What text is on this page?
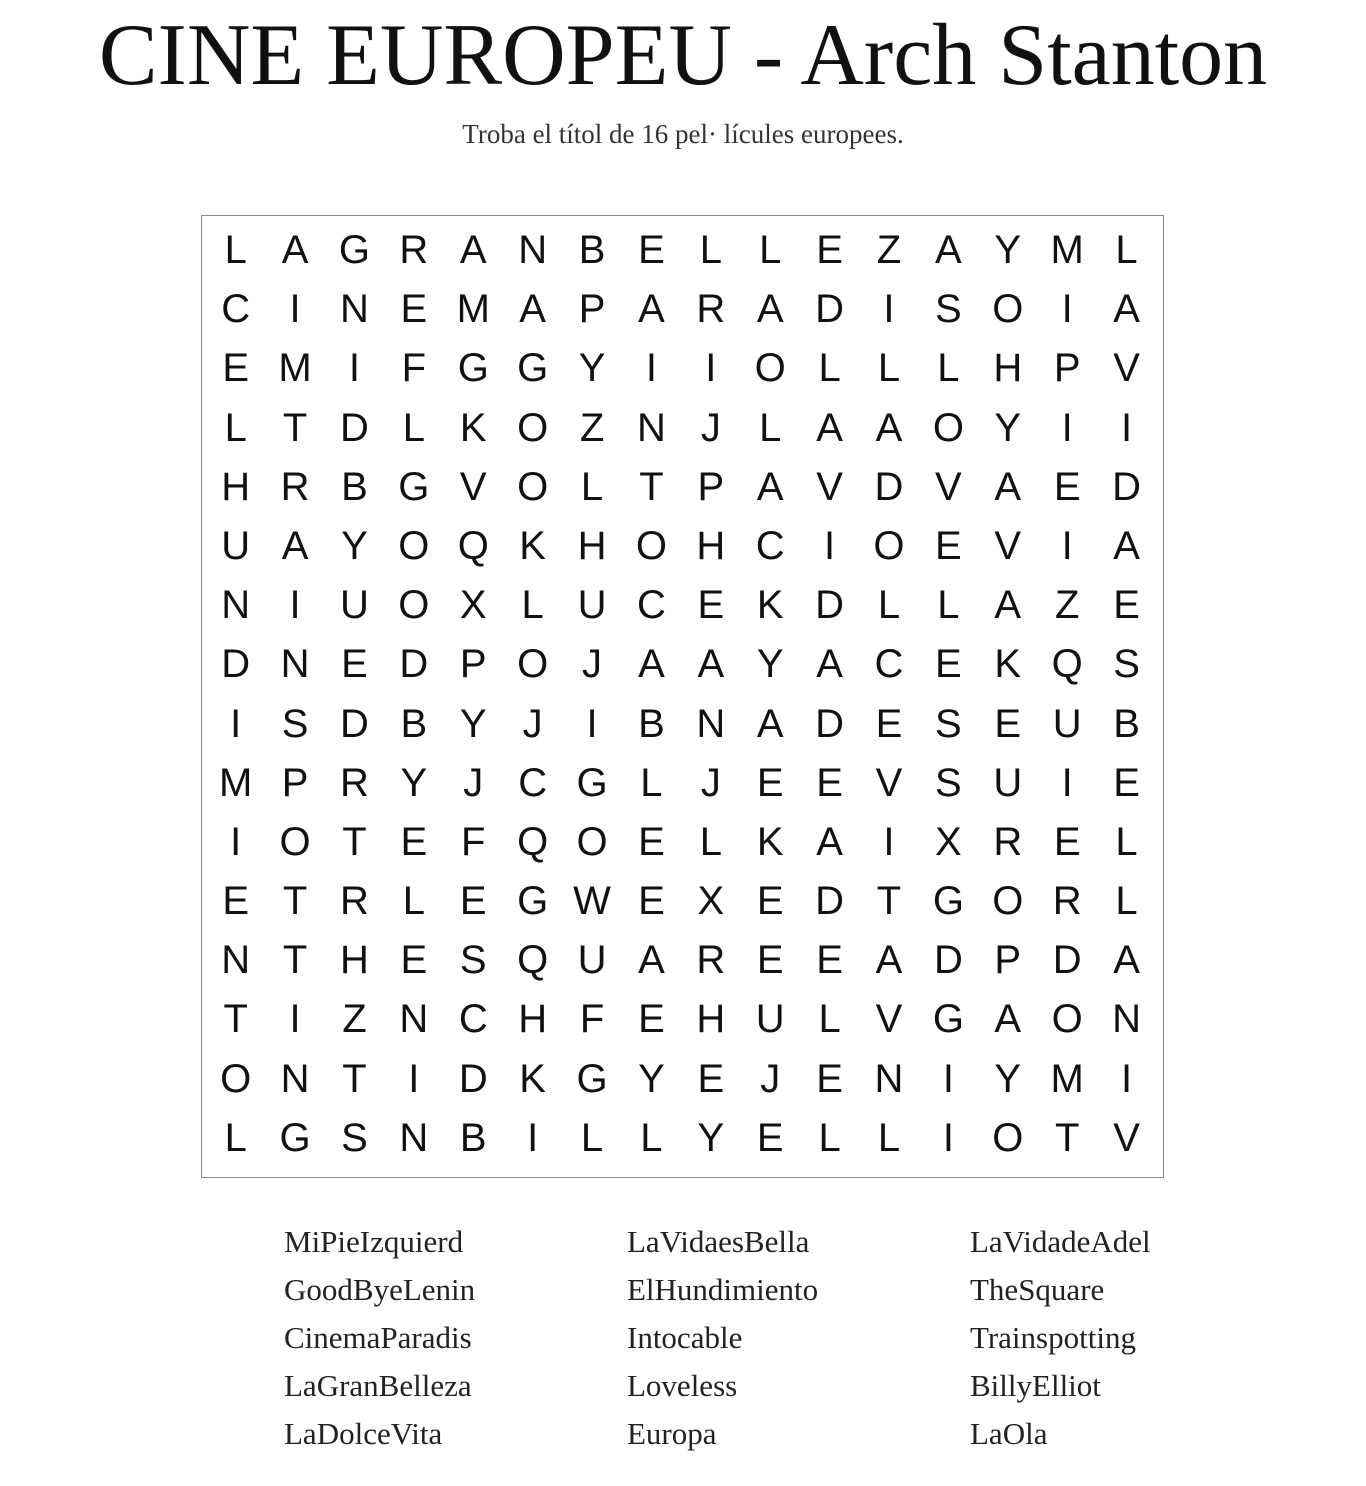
CINE EUROPEU - Arch Stanton
Troba el títol de 16 pel· lícules europees.
L A G R A N B E L L E Z A Y M L
C I N E M A P A R A D I	S O I	A
E M I	F G G Y	I	I O L L L H P V
L T D L K O Z N J L A A O Y	I	I
H R B G V O L T P A V D V A E D
U A Y O Q K H O H C I O E V	I	A
N I U O X L U C E K D L L A Z E
D N E D P O J A A Y A C E K Q S
I	S D B Y J	I	B N A D E S E U B
M P R Y J C G L J E E V S U I	E
I O T E F Q O E L K A	I	X R E L
E T R L E G W E X E D T G O R L
N T H E S Q U A R E E A D P D A
T	I	Z N C H F E H U L V G A O N
O N T	I D K G Y E J E N I	Y M I
L G S N B	I	L L Y E L L	I O T V
MiPieIzquierd	LaVidaesBella	LaVidadeAdel
GoodByeLenin	ElHundimiento	TheSquare
CinemaParadis	Intocable	Trainspotting
LaGranBelleza	Loveless	BillyElliot
LaDolceVita	Europa	LaOla
